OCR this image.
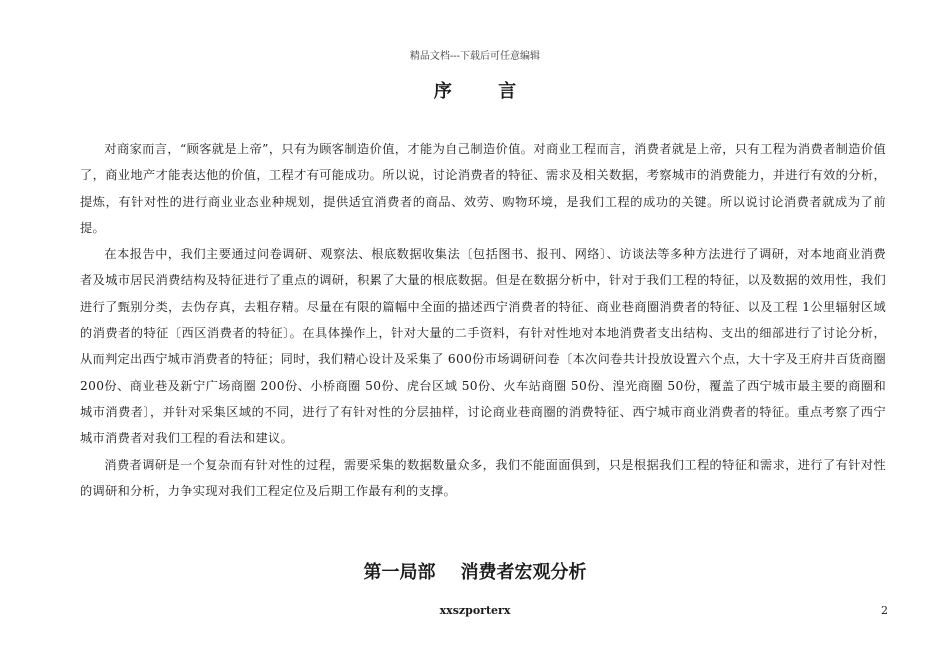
精品文档---下载后可任意编辑
序 言

对商家而言，“顾客就是上帝”，只有为顾客制造价值，才能为自己制造价值。对商业工程而言，消费者就是上帝，只有工程为消费者制造价值了，商业地产才能表达他的价值，工程才有可能成功。所以说，讨论消费者的特征、需求及相关数据，考察城市的消费能力，并进行有效的分析，提炼，有针对性的进行商业业态业种规划，提供适宜消费者的商品、效劳、购物环境，是我们工程的成功的关键。所以说讨论消费者就成为了前提。

在本报告中，我们主要通过问卷调研、观察法、根底数据收集法〔包括图书、报刊、网络〕、访谈法等多种方法进行了调研，对本地商业消费者及城市居民消费结构及特征进行了重点的调研，积累了大量的根底数据。但是在数据分析中，针对于我们工程的特征，以及数据的效用性，我们进行了甄别分类，去伪存真，去粗存精。尽量在有限的篇幅中全面的描述西宁消费者的特征、商业巷商圈消费者的特征、以及工程 1公里辐射区域的消费者的特征〔西区消费者的特征〕。在具体操作上，针对大量的二手资料，有针对性地对本地消费者支出结构、支出的细部进行了讨论分析，从而判定出西宁城市消费者的特征；同时，我们精心设计及采集了 600份市场调研问卷〔本次问卷共计投放设置六个点，大十字及王府井百货商圈 200份、商业巷及新宁广场商圈 200份、小桥商圈 50份、虎台区域 50份、火车站商圈 50份、湟光商圈 50份，覆盖了西宁城市最主要的商圈和城市消费者〕，并针对采集区域的不同，进行了有针对性的分层抽样，讨论商业巷商圈的消费特征、西宁城市商业消费者的特征。重点考察了西宁城市消费者对我们工程的看法和建议。

消费者调研是一个复杂而有针对性的过程，需要采集的数据数量众多，我们不能面面俱到，只是根据我们工程的特征和需求，进行了有针对性的调研和分析，力争实现对我们工程定位及后期工作最有利的支撑。

第一局部    消费者宏观分析
xxszporterx	2
